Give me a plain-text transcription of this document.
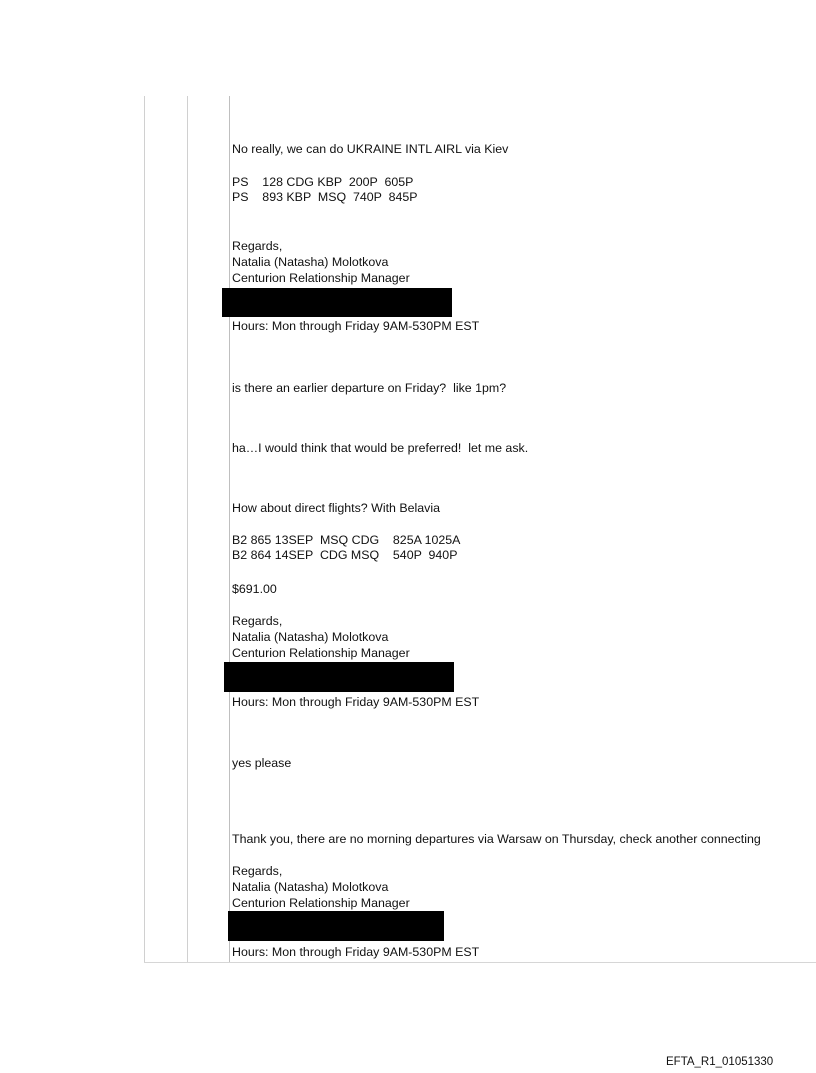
No really, we can do UKRAINE INTL AIRL via Kiev
PS    128 CDG KBP  200P  605P
PS    893 KBP  MSQ  740P  845P
Regards,
Natalia (Natasha) Molotkova
Centurion Relationship Manager
Hours: Mon through Friday 9AM-530PM EST
is there an earlier departure on Friday?  like 1pm?
ha…I would think that would be preferred!  let me ask.
How about direct flights? With Belavia
B2 865 13SEP  MSQ CDG    825A 1025A
B2 864 14SEP  CDG MSQ    540P  940P
$691.00
Regards,
Natalia (Natasha) Molotkova
Centurion Relationship Manager
Hours: Mon through Friday 9AM-530PM EST
yes please
Thank you, there are no morning departures via Warsaw on Thursday, check another connecting
Regards,
Natalia (Natasha) Molotkova
Centurion Relationship Manager
Hours: Mon through Friday 9AM-530PM EST
EFTA_R1_01051330
